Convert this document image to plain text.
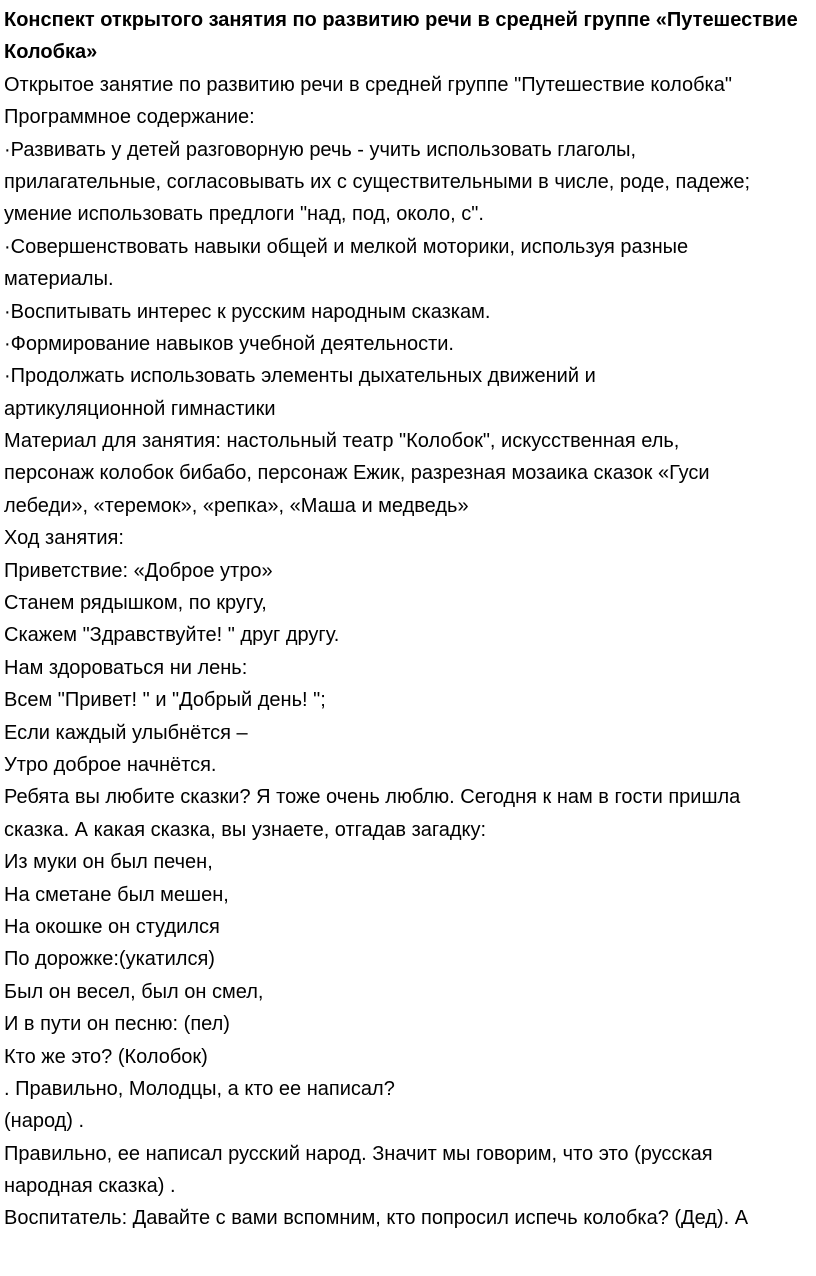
Конспект открытого занятия по развитию речи в средней группе «Путешествие
Колобка»
Открытое занятие по развитию речи в средней группе "Путешествие колобка"
Программное содержание:
·Развивать у детей разговорную речь - учить использовать глаголы,
прилагательные, согласовывать их с существительными в числе, роде, падеже;
умение использовать предлоги "над, под, около, с".
·Совершенствовать навыки общей и мелкой моторики, используя разные
материалы.
·Воспитывать интерес к русским народным сказкам.
·Формирование навыков учебной деятельности.
·Продолжать использовать элементы дыхательных движений и
артикуляционной гимнастики
Материал для занятия: настольный театр "Колобок", искусственная ель,
персонаж колобок бибабо, персонаж Ежик, разрезная мозаика сказок «Гуси
лебеди», «теремок», «репка», «Маша и медведь»
Ход занятия:
Приветствие: «Доброе утро»
Станем рядышком, по кругу,
Скажем "Здравствуйте! " друг другу.
Нам здороваться ни лень:
Всем "Привет! " и "Добрый день! ";
Если каждый улыбнётся –
Утро доброе начнётся.
Ребята вы любите сказки? Я тоже очень люблю. Сегодня к нам в гости пришла
сказка. А какая сказка, вы узнаете, отгадав загадку:
Из муки он был печен,
На сметане был мешен,
На окошке он студился
По дорожке:(укатился)
Был он весел, был он смел,
И в пути он песню: (пел)
Кто же это? (Колобок)
. Правильно, Молодцы, а кто ее написал?
(народ) .
Правильно, ее написал русский народ. Значит мы говорим, что это (русская
народная сказка) .
Воспитатель: Давайте с вами вспомним, кто попросил испечь колобка? (Дед). А
